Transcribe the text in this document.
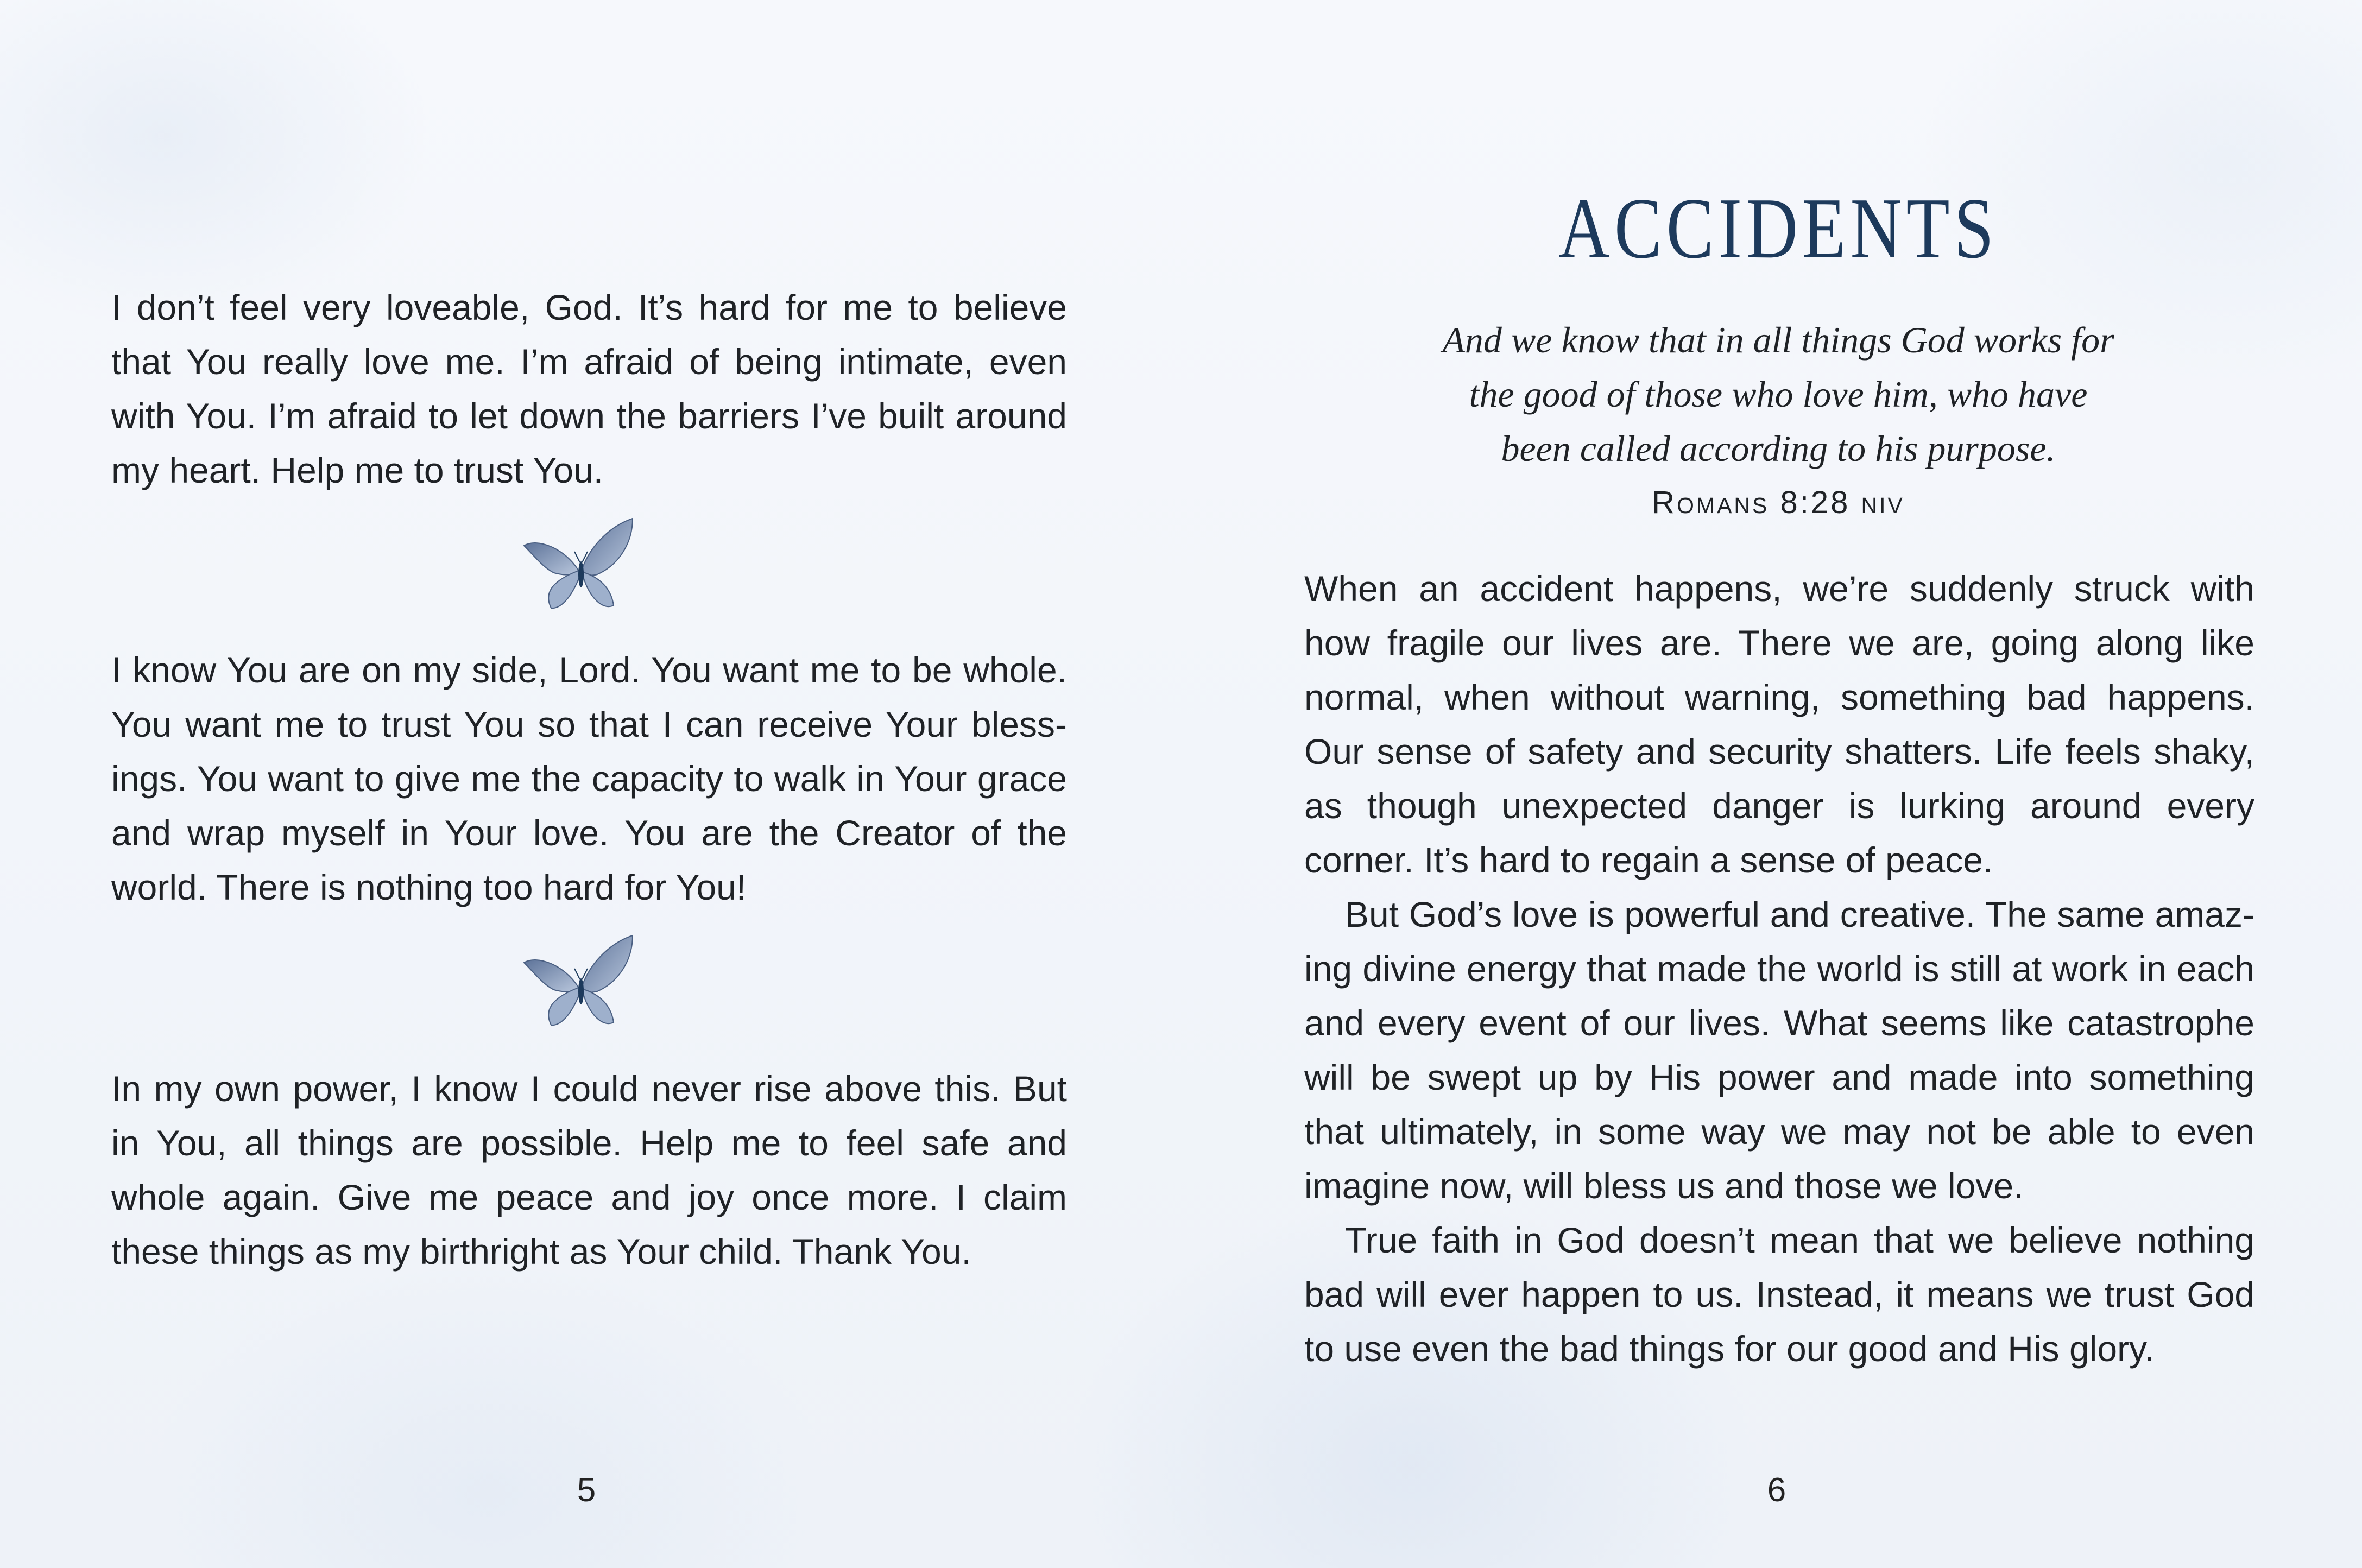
I don’t feel very loveable, God. It’s hard for me to believe

that You really love me. I’m afraid of being intimate, even

with You. I’m afraid to let down the barriers I’ve built around

my heart. Help me to trust You.

I know You are on my side, Lord. You want me to be whole.

You want me to trust You so that I can receive Your bless-

ings. You want to give me the capacity to walk in Your grace

and wrap myself in Your love. You are the Creator of the

world. There is nothing too hard for You!

In my own power, I know I could never rise above this. But

in You, all things are possible. Help me to feel safe and

whole again. Give me peace and joy once more. I claim

these things as my birthright as Your child. Thank You.

5
ACCIDENTS

And we know that in all things God works for

the good of those who love him, who have

been called according to his purpose.

Romans 8:28 niv

When an accident happens, we’re suddenly struck with

how fragile our lives are. There we are, going along like

normal, when without warning, something bad happens.

Our sense of safety and security shatters. Life feels shaky,

as though unexpected danger is lurking around every

corner. It’s hard to regain a sense of peace.

But God’s love is powerful and creative. The same amaz-

ing divine energy that made the world is still at work in each

and every event of our lives. What seems like catastrophe

will be swept up by His power and made into something

that ultimately, in some way we may not be able to even

imagine now, will bless us and those we love.

True faith in God doesn’t mean that we believe nothing

bad will ever happen to us. Instead, it means we trust God

to use even the bad things for our good and His glory.

6
